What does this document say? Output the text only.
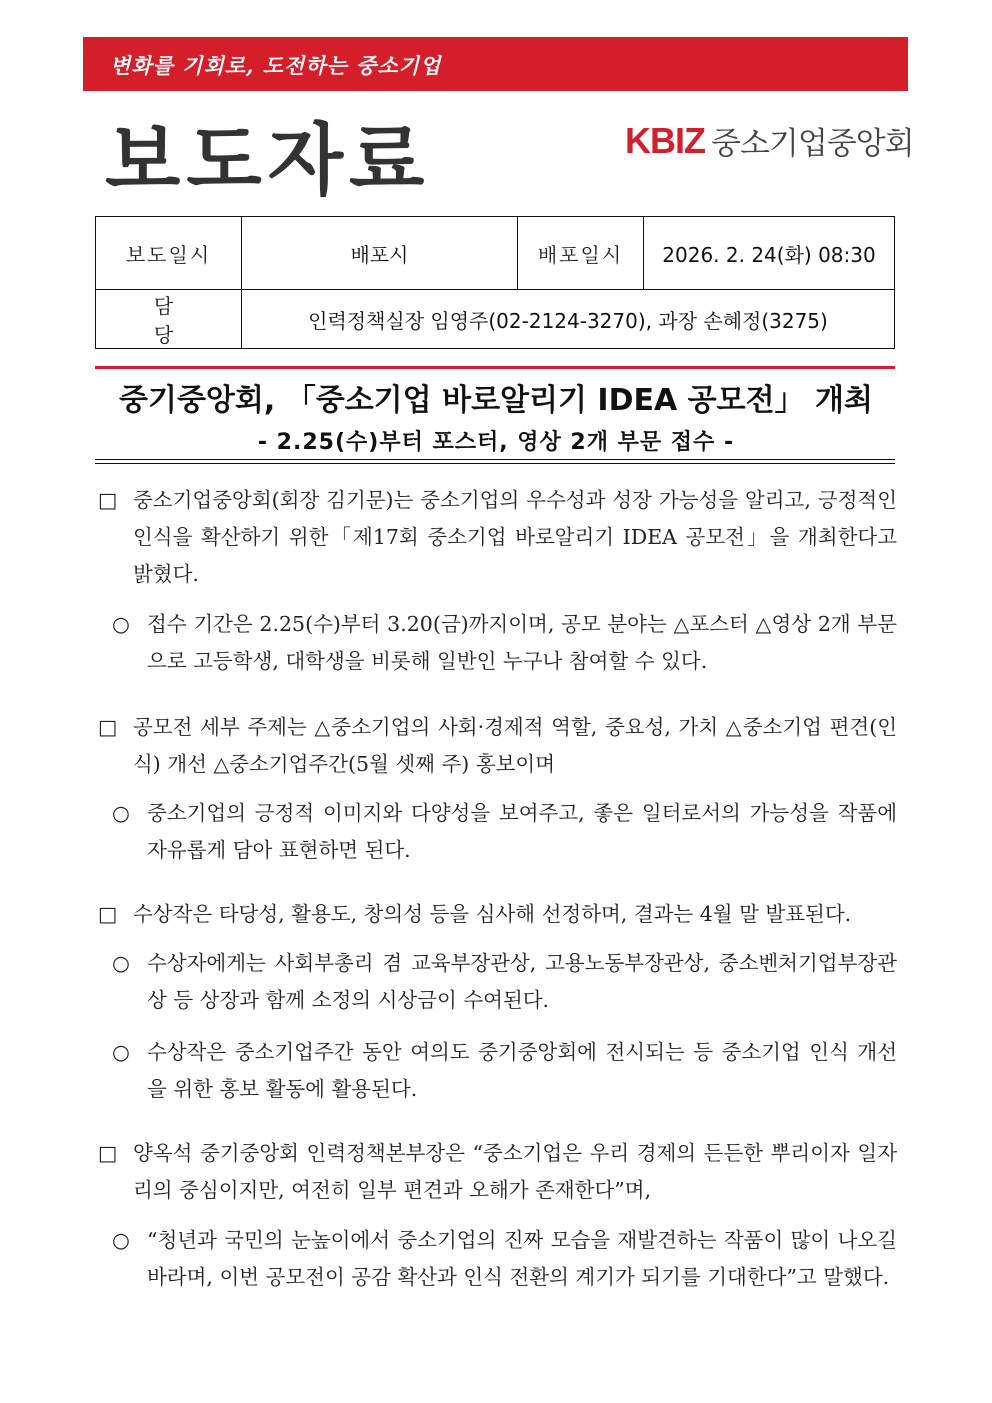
변화를 기회로, 도전하는 중소기업
보도자료	KBIZ 중소기업중앙회
보도일시	배포시	배포일시	2026. 2. 24(화) 08:30
담 당	인력정책실장 임영주(02-2124-3270), 과장 손혜정(3275)		
중기중앙회, 「중소기업 바로알리기 IDEA 공모전」 개최
- 2.25(수)부터 포스터, 영상 2개 부문 접수 -
□ 중소기업중앙회(회장 김기문)는 중소기업의 우수성과 성장 가능성을 알리고, 긍정적인 인식을 확산하기 위한「제17회 중소기업 바로알리기 IDEA 공모전」을 개최한다고 밝혔다.
○ 접수 기간은 2.25(수)부터 3.20(금)까지이며, 공모 분야는 △포스터 △영상 2개 부문으로 고등학생, 대학생을 비롯해 일반인 누구나 참여할 수 있다.
□ 공모전 세부 주제는 △중소기업의 사회·경제적 역할, 중요성, 가치 △중소기업 편견(인식) 개선 △중소기업주간(5월 셋째 주) 홍보이며
○ 중소기업의 긍정적 이미지와 다양성을 보여주고, 좋은 일터로서의 가능성을 작품에 자유롭게 담아 표현하면 된다.
□ 수상작은 타당성, 활용도, 창의성 등을 심사해 선정하며, 결과는 4월 말 발표된다.
○ 수상자에게는 사회부총리 겸 교육부장관상, 고용노동부장관상, 중소벤처기업부장관상 등 상장과 함께 소정의 시상금이 수여된다.
○ 수상작은 중소기업주간 동안 여의도 중기중앙회에 전시되는 등 중소기업 인식 개선을 위한 홍보 활동에 활용된다.
□ 양옥석 중기중앙회 인력정책본부장은 “중소기업은 우리 경제의 든든한 뿌리이자 일자리의 중심이지만, 여전히 일부 편견과 오해가 존재한다”며,
○ “청년과 국민의 눈높이에서 중소기업의 진짜 모습을 재발견하는 작품이 많이 나오길 바라며, 이번 공모전이 공감 확산과 인식 전환의 계기가 되기를 기대한다”고 말했다.
